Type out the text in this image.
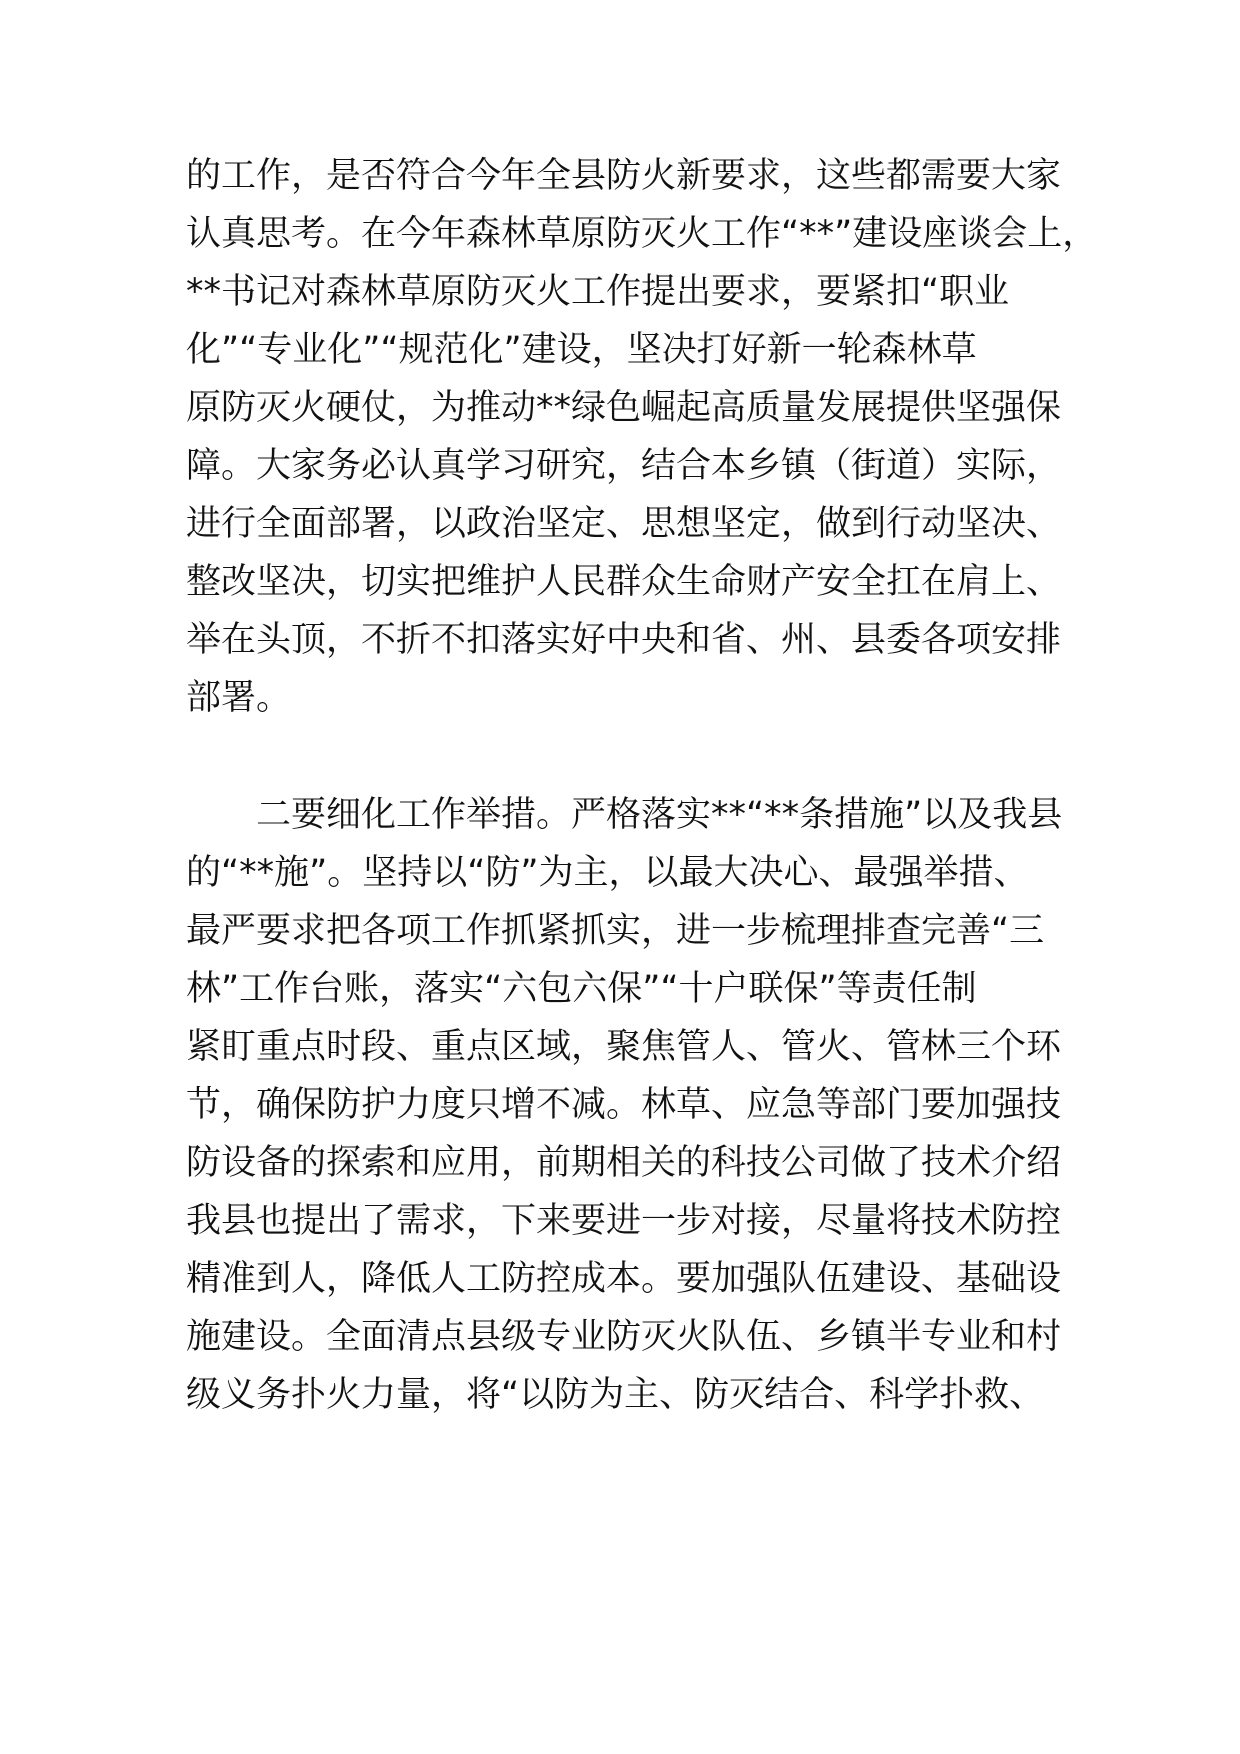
的工作，是否符合今年全县防火新要求，这些都需要大家
认真思考。在今年森林草原防灭火工作“**”建设座谈会上，
**书记对森林草原防灭火工作提出要求，要紧扣“职业
化”“专业化”“规范化”建设，坚决打好新一轮森林草
原防灭火硬仗，为推动**绿色崛起高质量发展提供坚强保
障。大家务必认真学习研究，结合本乡镇（街道）实际，
进行全面部署，以政治坚定、思想坚定，做到行动坚决、
整改坚决，切实把维护人民群众生命财产安全扛在肩上、
举在头顶，不折不扣落实好中央和省、州、县委各项安排
部署。
　　二要细化工作举措。严格落实**“**条措施”以及我县
的“**施”。坚持以“防”为主，以最大决心、最强举措、
最严要求把各项工作抓紧抓实，进一步梳理排查完善“三
林”工作台账，落实“六包六保”“十户联保”等责任制
紧盯重点时段、重点区域，聚焦管人、管火、管林三个环
节，确保防护力度只增不减。林草、应急等部门要加强技
防设备的探索和应用，前期相关的科技公司做了技术介绍
我县也提出了需求，下来要进一步对接，尽量将技术防控
精准到人，降低人工防控成本。要加强队伍建设、基础设
施建设。全面清点县级专业防灭火队伍、乡镇半专业和村
级义务扑火力量，将“以防为主、防灭结合、科学扑救、
